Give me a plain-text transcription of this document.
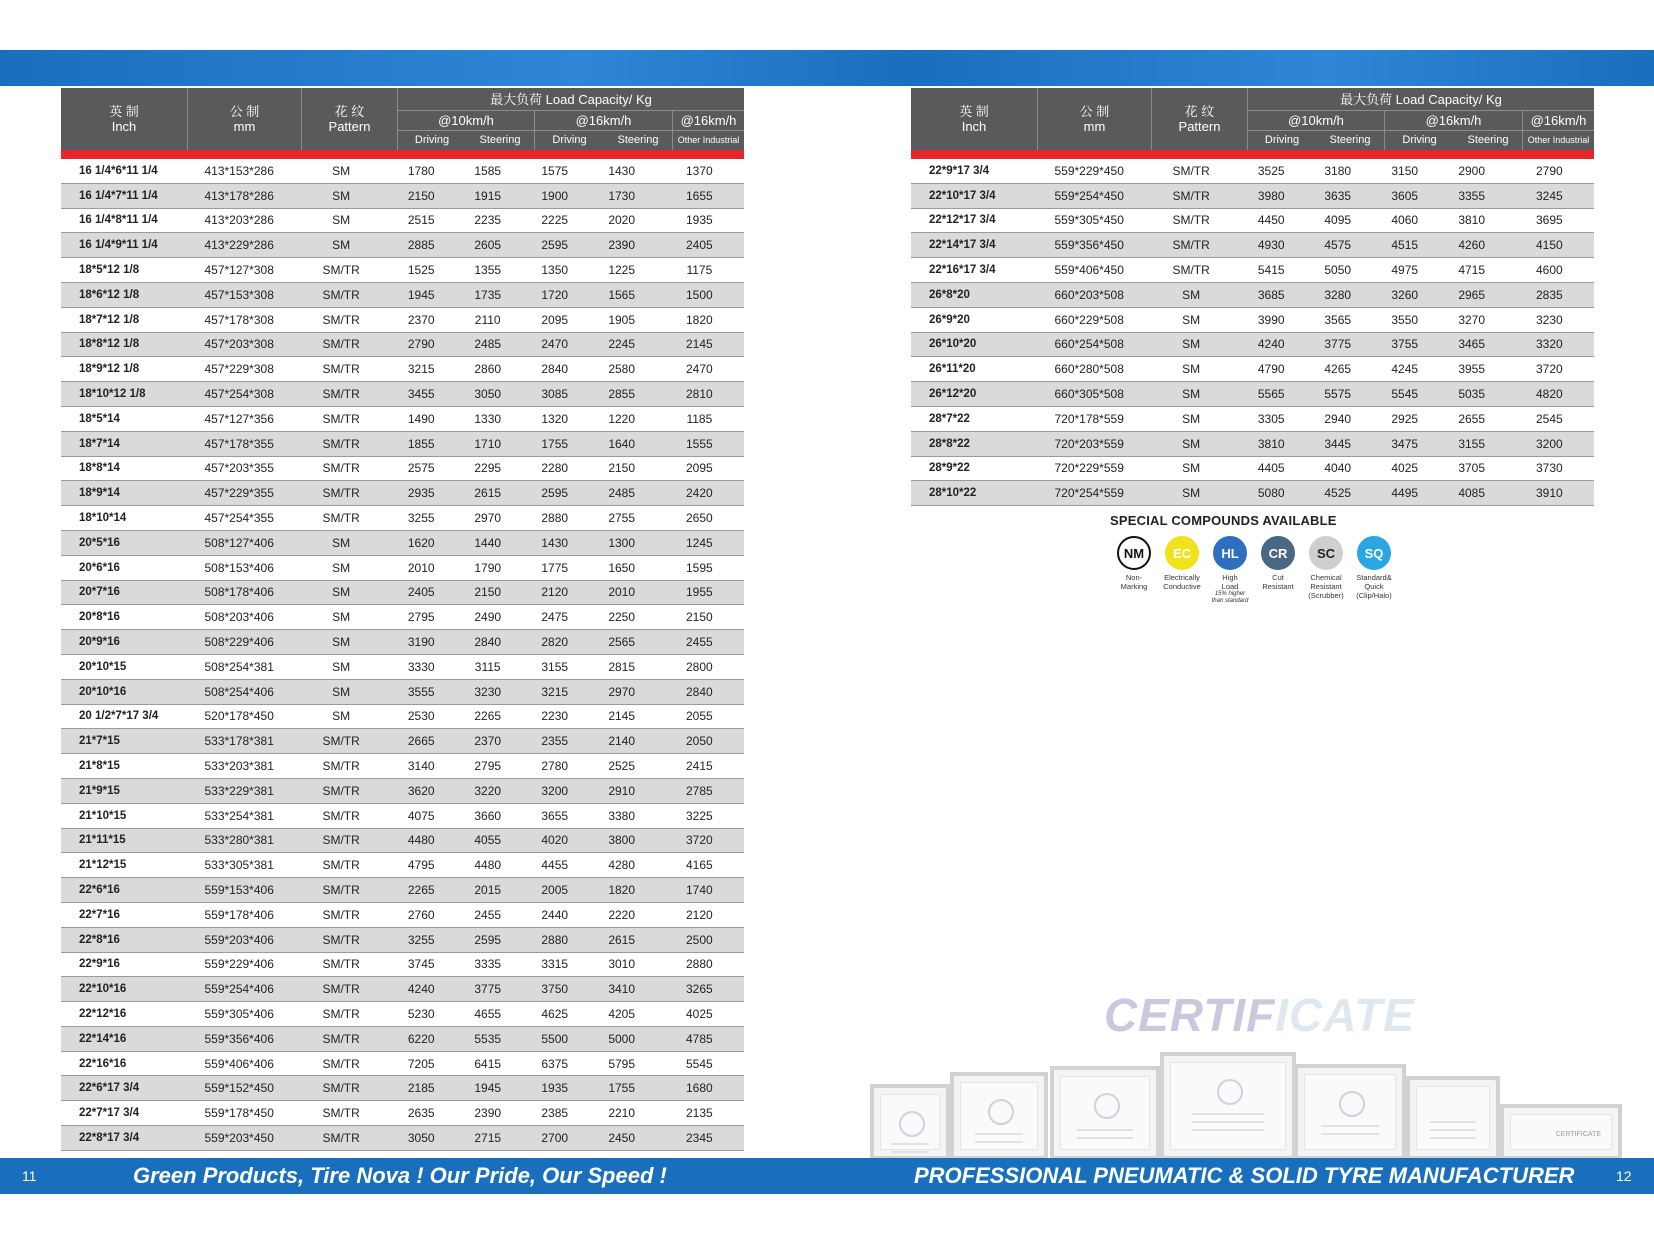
英 制
Inch
公 制
mm
花 纹
Pattern
最大负荷 Load Capacity/ Kg
@10km/h	@16km/h	@16km/h
Driving	Steering	Driving	Steering	Other Industrial
16 1/4*6*11 1/4	413*153*286	SM	1780	1585	1575	1430	1370
16 1/4*7*11 1/4	413*178*286	SM	2150	1915	1900	1730	1655
16 1/4*8*11 1/4	413*203*286	SM	2515	2235	2225	2020	1935
16 1/4*9*11 1/4	413*229*286	SM	2885	2605	2595	2390	2405
18*5*12 1/8	457*127*308	SM/TR	1525	1355	1350	1225	1175
18*6*12 1/8	457*153*308	SM/TR	1945	1735	1720	1565	1500
18*7*12 1/8	457*178*308	SM/TR	2370	2110	2095	1905	1820
18*8*12 1/8	457*203*308	SM/TR	2790	2485	2470	2245	2145
18*9*12 1/8	457*229*308	SM/TR	3215	2860	2840	2580	2470
18*10*12 1/8	457*254*308	SM/TR	3455	3050	3085	2855	2810
18*5*14	457*127*356	SM/TR	1490	1330	1320	1220	1185
18*7*14	457*178*355	SM/TR	1855	1710	1755	1640	1555
18*8*14	457*203*355	SM/TR	2575	2295	2280	2150	2095
18*9*14	457*229*355	SM/TR	2935	2615	2595	2485	2420
18*10*14	457*254*355	SM/TR	3255	2970	2880	2755	2650
20*5*16	508*127*406	SM	1620	1440	1430	1300	1245
20*6*16	508*153*406	SM	2010	1790	1775	1650	1595
20*7*16	508*178*406	SM	2405	2150	2120	2010	1955
20*8*16	508*203*406	SM	2795	2490	2475	2250	2150
20*9*16	508*229*406	SM	3190	2840	2820	2565	2455
20*10*15	508*254*381	SM	3330	3115	3155	2815	2800
20*10*16	508*254*406	SM	3555	3230	3215	2970	2840
20 1/2*7*17 3/4	520*178*450	SM	2530	2265	2230	2145	2055
21*7*15	533*178*381	SM/TR	2665	2370	2355	2140	2050
21*8*15	533*203*381	SM/TR	3140	2795	2780	2525	2415
21*9*15	533*229*381	SM/TR	3620	3220	3200	2910	2785
21*10*15	533*254*381	SM/TR	4075	3660	3655	3380	3225
21*11*15	533*280*381	SM/TR	4480	4055	4020	3800	3720
21*12*15	533*305*381	SM/TR	4795	4480	4455	4280	4165
22*6*16	559*153*406	SM/TR	2265	2015	2005	1820	1740
22*7*16	559*178*406	SM/TR	2760	2455	2440	2220	2120
22*8*16	559*203*406	SM/TR	3255	2595	2880	2615	2500
22*9*16	559*229*406	SM/TR	3745	3335	3315	3010	2880
22*10*16	559*254*406	SM/TR	4240	3775	3750	3410	3265
22*12*16	559*305*406	SM/TR	5230	4655	4625	4205	4025
22*14*16	559*356*406	SM/TR	6220	5535	5500	5000	4785
22*16*16	559*406*406	SM/TR	7205	6415	6375	5795	5545
22*6*17 3/4	559*152*450	SM/TR	2185	1945	1935	1755	1680
22*7*17 3/4	559*178*450	SM/TR	2635	2390	2385	2210	2135
22*8*17 3/4	559*203*450	SM/TR	3050	2715	2700	2450	2345
英 制
Inch
公 制
mm
花 纹
Pattern
最大负荷 Load Capacity/ Kg
@10km/h	@16km/h	@16km/h
Driving	Steering	Driving	Steering	Other Industrial
22*9*17 3/4	559*229*450	SM/TR	3525	3180	3150	2900	2790
22*10*17 3/4	559*254*450	SM/TR	3980	3635	3605	3355	3245
22*12*17 3/4	559*305*450	SM/TR	4450	4095	4060	3810	3695
22*14*17 3/4	559*356*450	SM/TR	4930	4575	4515	4260	4150
22*16*17 3/4	559*406*450	SM/TR	5415	5050	4975	4715	4600
26*8*20	660*203*508	SM	3685	3280	3260	2965	2835
26*9*20	660*229*508	SM	3990	3565	3550	3270	3230
26*10*20	660*254*508	SM	4240	3775	3755	3465	3320
26*11*20	660*280*508	SM	4790	4265	4245	3955	3720
26*12*20	660*305*508	SM	5565	5575	5545	5035	4820
28*7*22	720*178*559	SM	3305	2940	2925	2655	2545
28*8*22	720*203*559	SM	3810	3445	3475	3155	3200
28*9*22	720*229*559	SM	4405	4040	4025	3705	3730
28*10*22	720*254*559	SM	5080	4525	4495	4085	3910
SPECIAL COMPOUNDS AVAILABLE
NM
Non-
Marking
EC
Electrically
Conductive
HL
High
Load
15% higher
than standard
CR
Cut
Resistant
SC
Chemical
Resistant
(Scrubber)
SQ
Standard&
Quick
(Clip/Halo)
CERTIFICATE
CERTIFICATE
11	Green Products, Tire Nova ! Our Pride, Our Speed !	PROFESSIONAL PNEUMATIC & SOLID TYRE MANUFACTURER	12
